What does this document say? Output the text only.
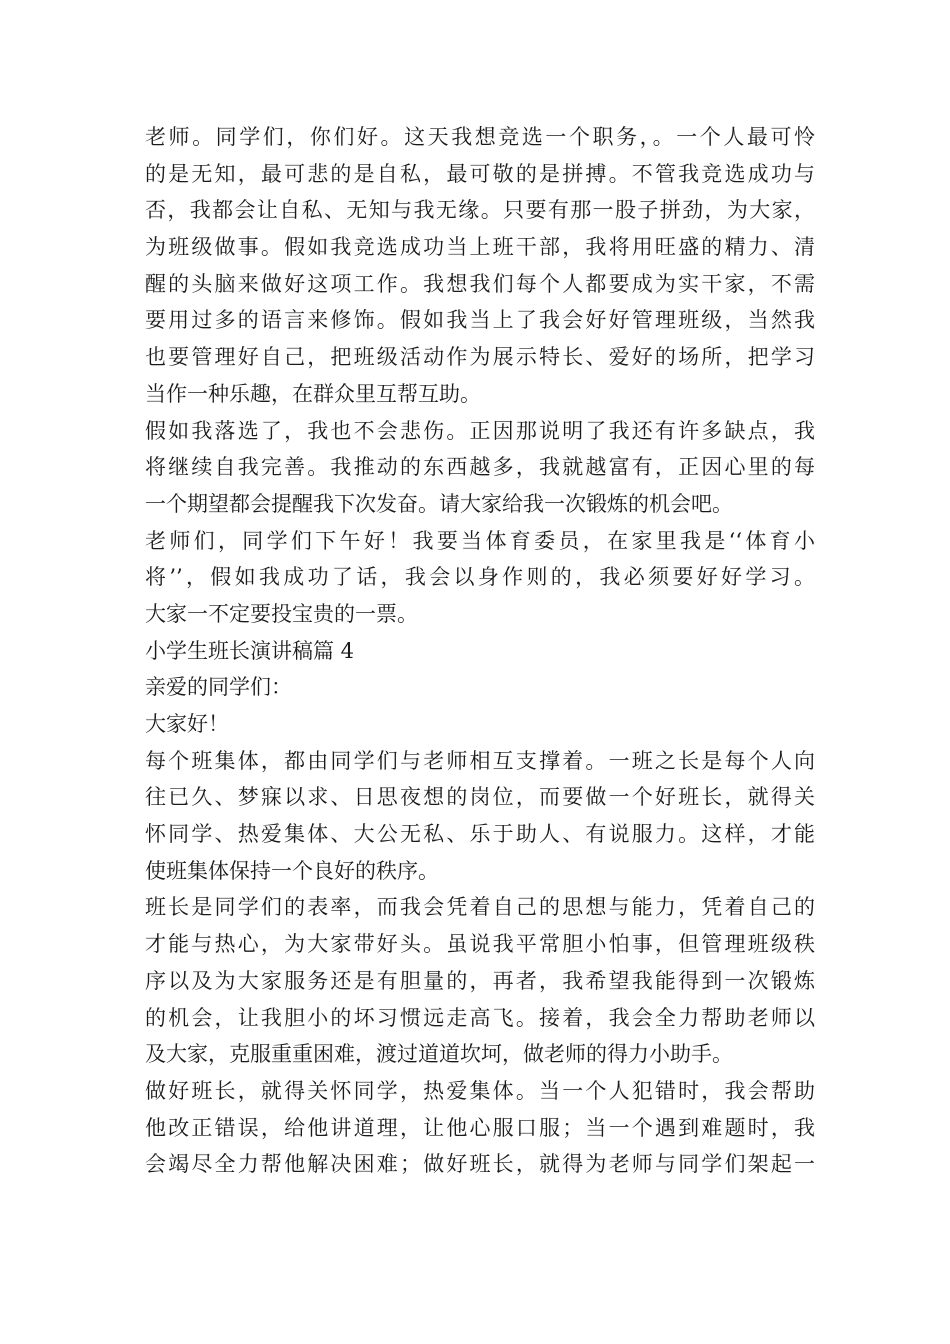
老师。同学们，你们好。这天我想竞选一个职务，。一个人最可怜
的是无知，最可悲的是自私，最可敬的是拼搏。不管我竞选成功与
否，我都会让自私、无知与我无缘。只要有那一股子拼劲，为大家，
为班级做事。假如我竞选成功当上班干部，我将用旺盛的精力、清
醒的头脑来做好这项工作。我想我们每个人都要成为实干家，不需
要用过多的语言来修饰。假如我当上了我会好好管理班级，当然我
也要管理好自己，把班级活动作为展示特长、爱好的场所，把学习
当作一种乐趣，在群众里互帮互助。
假如我落选了，我也不会悲伤。正因那说明了我还有许多缺点，我
将继续自我完善。我推动的东西越多，我就越富有，正因心里的每
一个期望都会提醒我下次发奋。请大家给我一次锻炼的机会吧。
老师们，同学们下午好！我要当体育委员，在家里我是‘‘体育小
将’’，假如我成功了话，我会以身作则的，我必须要好好学习。
大家一不定要投宝贵的一票。
小学生班长演讲稿篇 4
亲爱的同学们：
大家好！
每个班集体，都由同学们与老师相互支撑着。一班之长是每个人向
往已久、梦寐以求、日思夜想的岗位，而要做一个好班长，就得关
怀同学、热爱集体、大公无私、乐于助人、有说服力。这样，才能
使班集体保持一个良好的秩序。
班长是同学们的表率，而我会凭着自己的思想与能力，凭着自己的
才能与热心，为大家带好头。虽说我平常胆小怕事，但管理班级秩
序以及为大家服务还是有胆量的，再者，我希望我能得到一次锻炼
的机会，让我胆小的坏习惯远走高飞。接着，我会全力帮助老师以
及大家，克服重重困难，渡过道道坎坷，做老师的得力小助手。
做好班长，就得关怀同学，热爱集体。当一个人犯错时，我会帮助
他改正错误，给他讲道理，让他心服口服；当一个遇到难题时，我
会竭尽全力帮他解决困难；做好班长，就得为老师与同学们架起一
